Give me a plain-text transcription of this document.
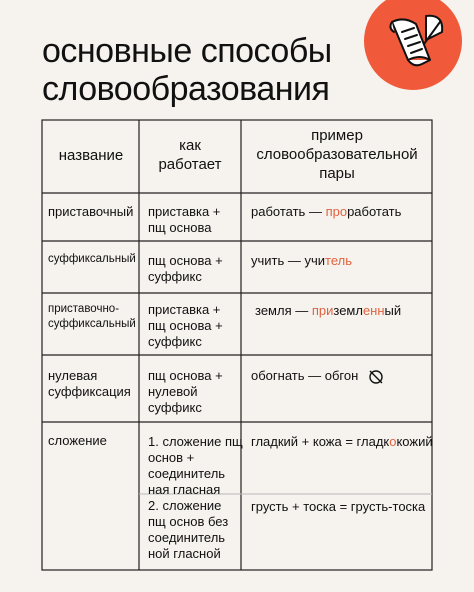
основные способы
словообразования
название
как
работает
пример
словообразовательной
пары
приставочный приставка +
пщ основа
работать — проработать
суффиксальный пщ основа +
суффикс
учить — учитель
приставочно-
суффиксальный
приставка +
пщ основа +
суффикс
земля — приземленный
нулевая
суффиксация
пщ основа +
нулевой
суффикс
обогнать — обгон
сложение	1. сложение пщ
основ +
соединитель
ная гласная
гладкий + кожа = гладкокожий
2. сложение
пщ основ без
соединитель
ной гласной
грусть + тоска = грусть-тоска
